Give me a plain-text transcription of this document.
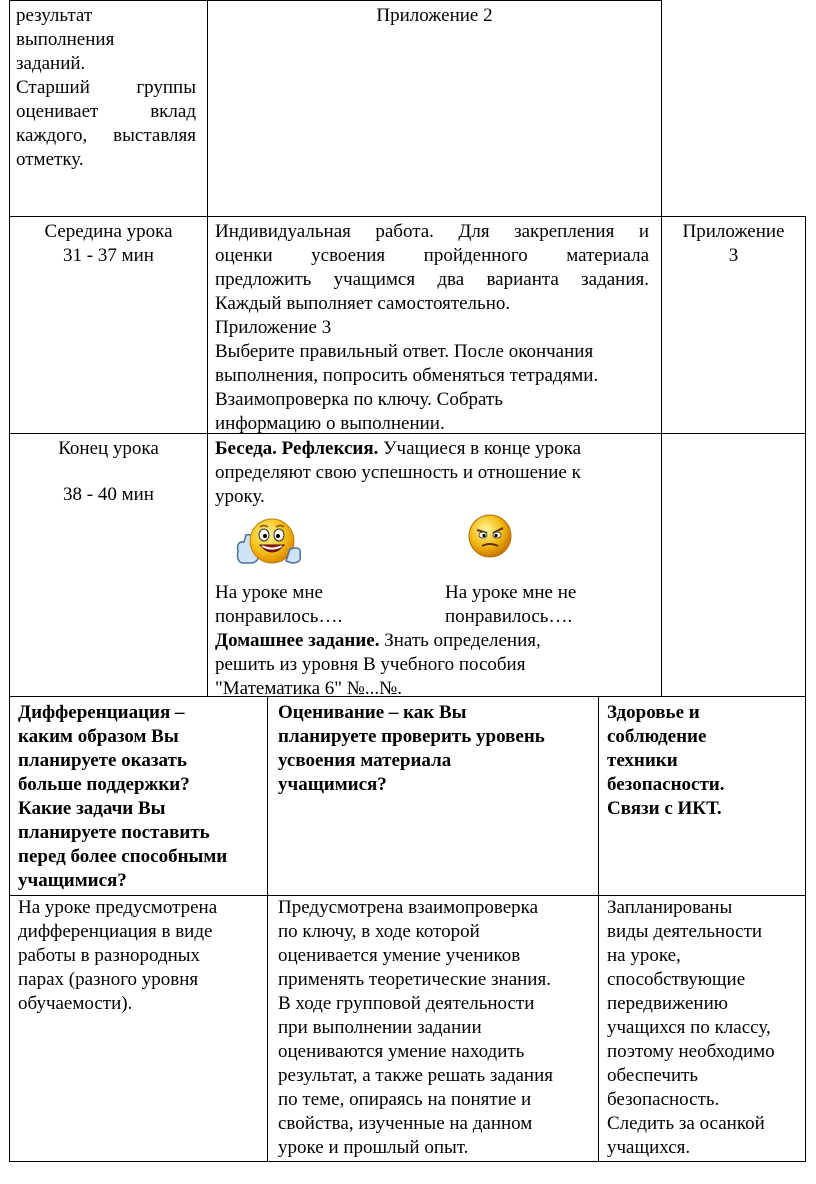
результат
выполнения
заданий.
Старший группы
оценивает вклад
каждого, выставляя
отметку.
Приложение 2
Середина урока
31 - 37 мин
Индивидуальная работа. Для закрепления и
оценки усвоения пройденного материала
предложить учащимся два варианта задания.
Каждый выполняет самостоятельно.
Приложение 3
Выберите правильный ответ. После окончания
выполнения, попросить обменяться тетрадями.
Взаимопроверка по ключу. Собрать
информацию о выполнении.
Приложение
3
Конец урока
38 - 40 мин
Беседа. Рефлексия. Учащиеся в конце урока
определяют свою успешность и отношение к
уроку.
На уроке мне
понравилось….
На уроке мне не
понравилось….
Домашнее задание. Знать определения,
решить из уровня В учебного пособия
"Математика 6" №...№.
Дифференциация –
каким образом Вы
планируете оказать
больше поддержки?
Какие задачи Вы
планируете поставить
перед более способными
учащимися?
Оценивание – как Вы
планируете проверить уровень
усвоения материала
учащимися?
Здоровье и
соблюдение
техники
безопасности.
Связи с ИКТ.
На уроке предусмотрена
дифференциация в виде
работы в разнородных
парах (разного уровня
обучаемости).
Предусмотрена взаимопроверка
по ключу, в ходе которой
оценивается умение учеников
применять теоретические знания.
В ходе групповой деятельности
при выполнении задании
оцениваются умение находить
результат, а также решать задания
по теме, опираясь на понятие и
свойства, изученные на данном
уроке и прошлый опыт.
Запланированы
виды деятельности
на уроке,
способствующие
передвижению
учащихся по классу,
поэтому необходимо
обеспечить
безопасность.
Следить за осанкой
учащихся.
